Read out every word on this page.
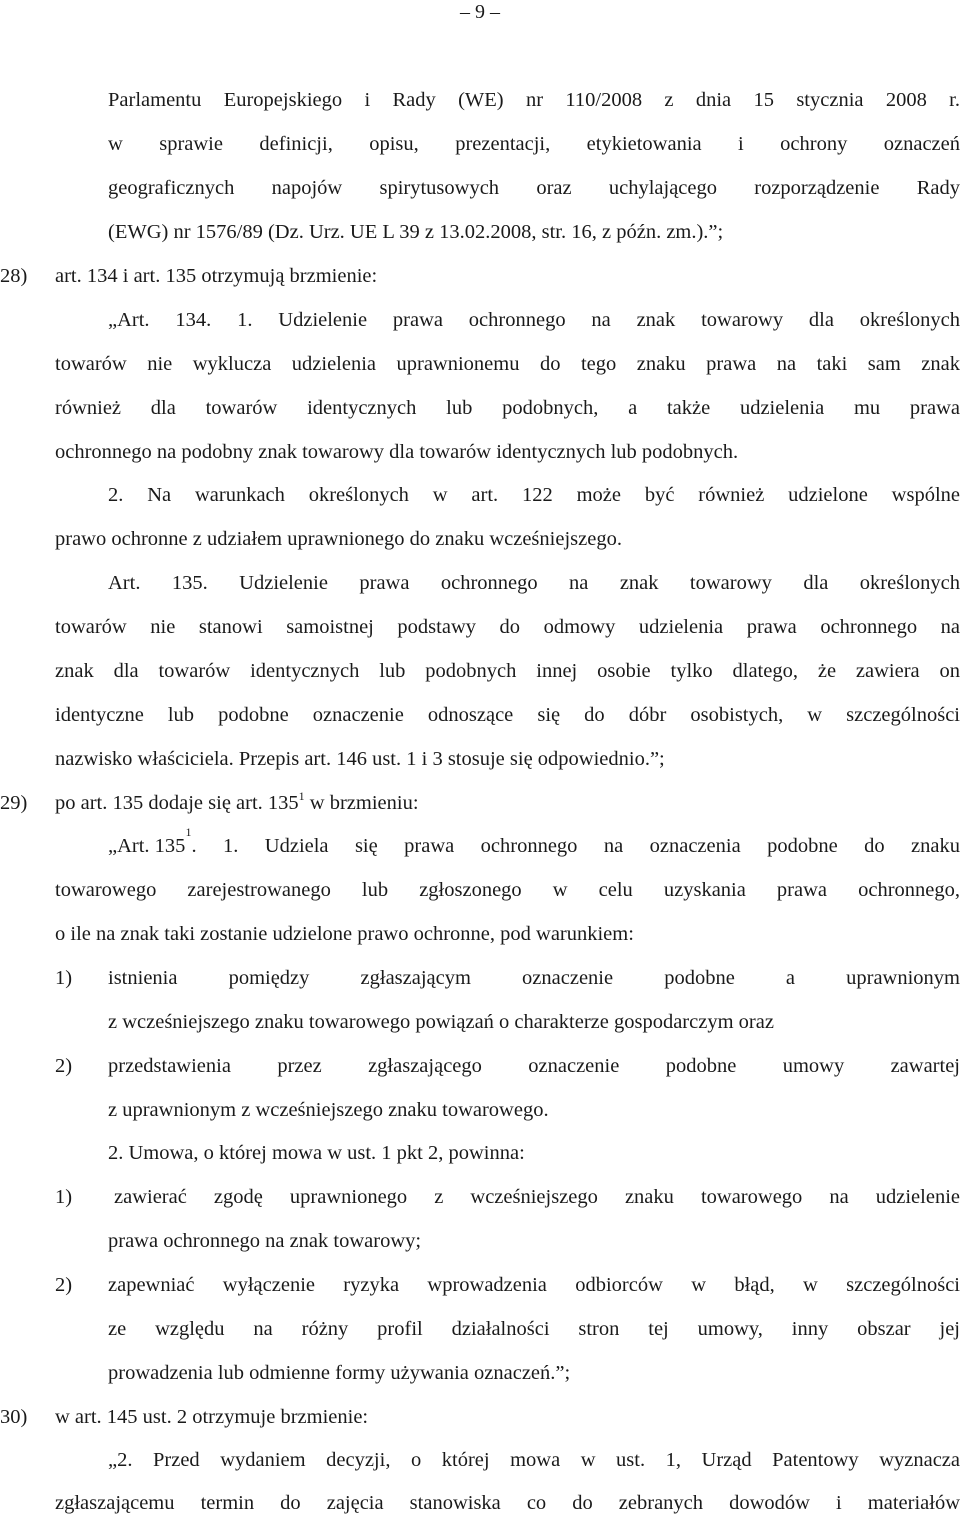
– 9 –
Parlamentu Europejskiego i Rady (WE) nr 110/2008 z dnia 15 stycznia 2008 r.
w sprawie definicji, opisu, prezentacji, etykietowania i ochrony oznaczeń
geograficznych napojów spirytusowych oraz uchylającego rozporządzenie Rady
(EWG) nr 1576/89 (Dz. Urz. UE L 39 z 13.02.2008, str. 16, z późn. zm.).”;
28) art. 134 i art. 135 otrzymują brzmienie:
„Art. 134. 1. Udzielenie prawa ochronnego na znak towarowy dla określonych
towarów nie wyklucza udzielenia uprawnionemu do tego znaku prawa na taki sam znak
również dla towarów identycznych lub podobnych, a także udzielenia mu prawa
ochronnego na podobny znak towarowy dla towarów identycznych lub podobnych.
2. Na warunkach określonych w art. 122 może być również udzielone wspólne
prawo ochronne z udziałem uprawnionego do znaku wcześniejszego.
Art. 135. Udzielenie prawa ochronnego na znak towarowy dla określonych
towarów nie stanowi samoistnej podstawy do odmowy udzielenia prawa ochronnego na
znak dla towarów identycznych lub podobnych innej osobie tylko dlatego, że zawiera on
identyczne lub podobne oznaczenie odnoszące się do dóbr osobistych, w szczególności
nazwisko właściciela. Przepis art. 146 ust. 1 i 3 stosuje się odpowiednio.”;
29) po art. 135 dodaje się art. $135^1$ w brzmieniu:
„Art. 135
1
. 1. Udziela się prawa ochronnego na oznaczenia podobne do znaku
towarowego zarejestrowanego lub zgłoszonego w celu uzyskania prawa ochronnego,
o ile na znak taki zostanie udzielone prawo ochronne, pod warunkiem:
1) istnienia pomiędzy zgłaszającym oznaczenie podobne a uprawnionym
z wcześniejszego znaku towarowego powiązań o charakterze gospodarczym oraz
2) przedstawienia przez zgłaszającego oznaczenie podobne umowy zawartej
z uprawnionym z wcześniejszego znaku towarowego.
2. Umowa, o której mowa w ust. 1 pkt 2, powinna:
1) zawierać zgodę uprawnionego z wcześniejszego znaku towarowego na udzielenie
prawa ochronnego na znak towarowy;
2) zapewniać wyłączenie ryzyka wprowadzenia odbiorców w błąd, w szczególności
ze względu na różny profil działalności stron tej umowy, inny obszar jej
prowadzenia lub odmienne formy używania oznaczeń.”;
30) w art. 145 ust. 2 otrzymuje brzmienie:
„2. Przed wydaniem decyzji, o której mowa w ust. 1, Urząd Patentowy wyznacza
zgłaszającemu termin do zajęcia stanowiska co do zebranych dowodów i materiałów
